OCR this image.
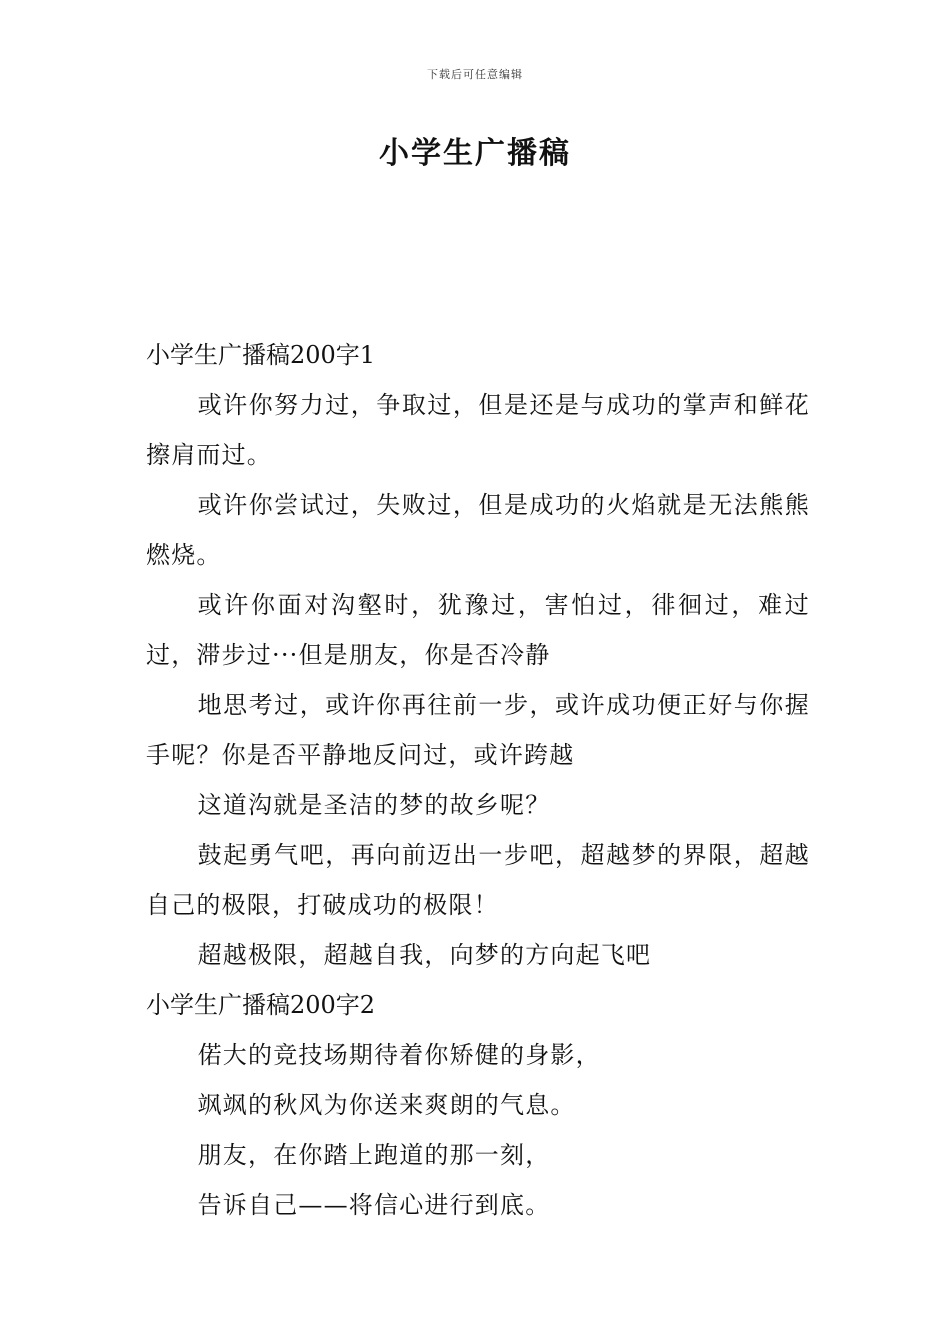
下载后可任意编辑
小学生广播稿

小学生广播稿200字1

或许你努力过，争取过，但是还是与成功的掌声和鲜花擦肩而过。

或许你尝试过，失败过，但是成功的火焰就是无法熊熊燃烧。

或许你面对沟壑时，犹豫过，害怕过，徘徊过，难过过，滞步过···但是朋友，你是否冷静

地思考过，或许你再往前一步，或许成功便正好与你握手呢？你是否平静地反问过，或许跨越

这道沟就是圣洁的梦的故乡呢？

鼓起勇气吧，再向前迈出一步吧，超越梦的界限，超越自己的极限，打破成功的极限！

超越极限，超越自我，向梦的方向起飞吧

小学生广播稿200字2

偌大的竞技场期待着你矫健的身影，

飒飒的秋风为你送来爽朗的气息。

朋友，在你踏上跑道的那一刻，

告诉自己——将信心进行到底。
